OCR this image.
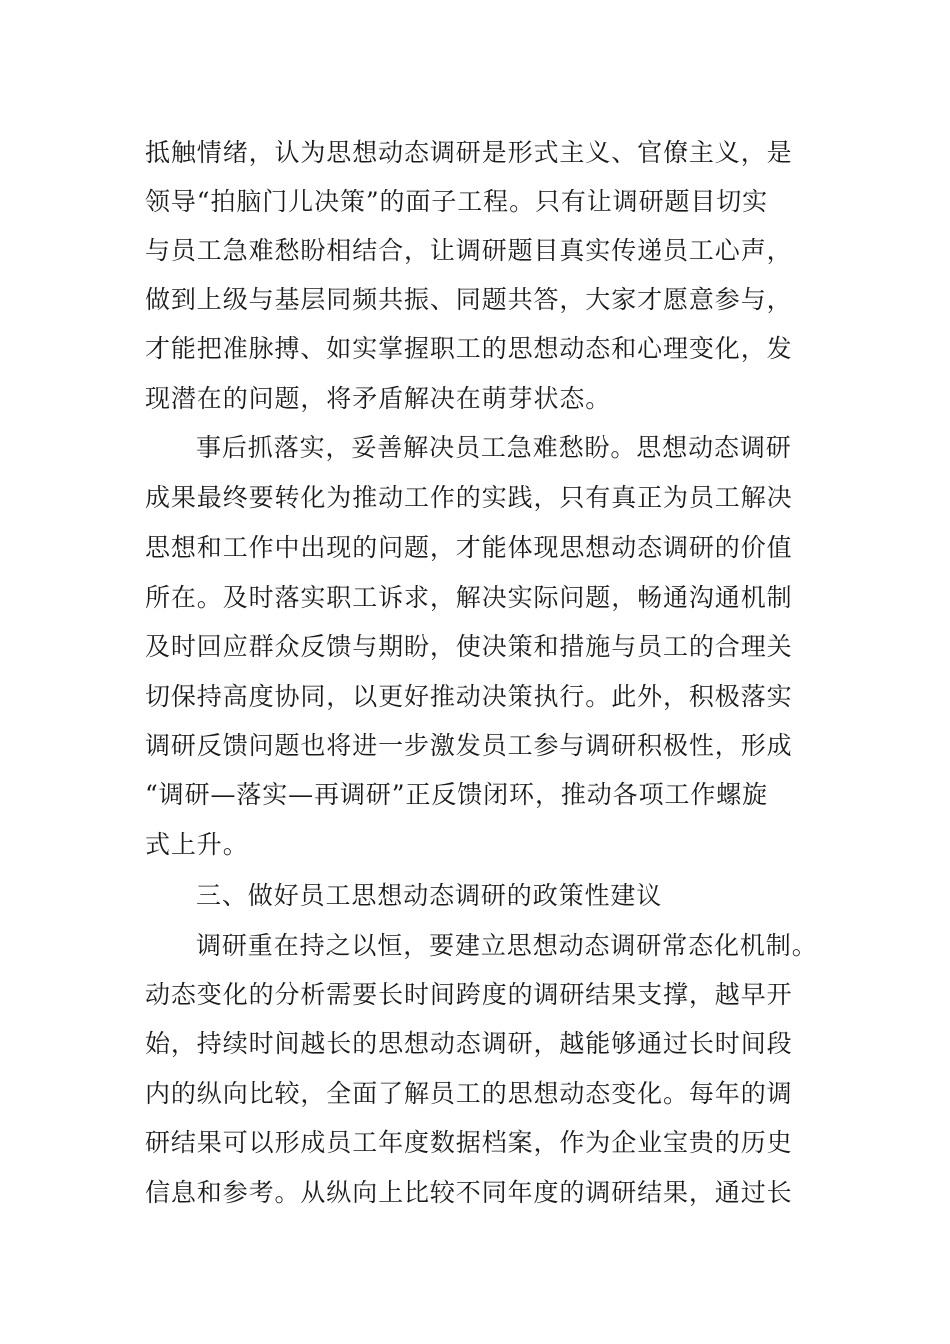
抵触情绪，认为思想动态调研是形式主义、官僚主义，是
领导“拍脑门儿决策”的面子工程。只有让调研题目切实
与员工急难愁盼相结合，让调研题目真实传递员工心声，
做到上级与基层同频共振、同题共答，大家才愿意参与，
才能把准脉搏、如实掌握职工的思想动态和心理变化，发
现潜在的问题，将矛盾解决在萌芽状态。
事后抓落实，妥善解决员工急难愁盼。思想动态调研
成果最终要转化为推动工作的实践，只有真正为员工解决
思想和工作中出现的问题，才能体现思想动态调研的价值
所在。及时落实职工诉求，解决实际问题，畅通沟通机制
及时回应群众反馈与期盼，使决策和措施与员工的合理关
切保持高度协同，以更好推动决策执行。此外，积极落实
调研反馈问题也将进一步激发员工参与调研积极性，形成
“调研—落实—再调研”正反馈闭环，推动各项工作螺旋
式上升。
三、做好员工思想动态调研的政策性建议
调研重在持之以恒，要建立思想动态调研常态化机制。
动态变化的分析需要长时间跨度的调研结果支撑，越早开
始，持续时间越长的思想动态调研，越能够通过长时间段
内的纵向比较，全面了解员工的思想动态变化。每年的调
研结果可以形成员工年度数据档案，作为企业宝贵的历史
信息和参考。从纵向上比较不同年度的调研结果，通过长
